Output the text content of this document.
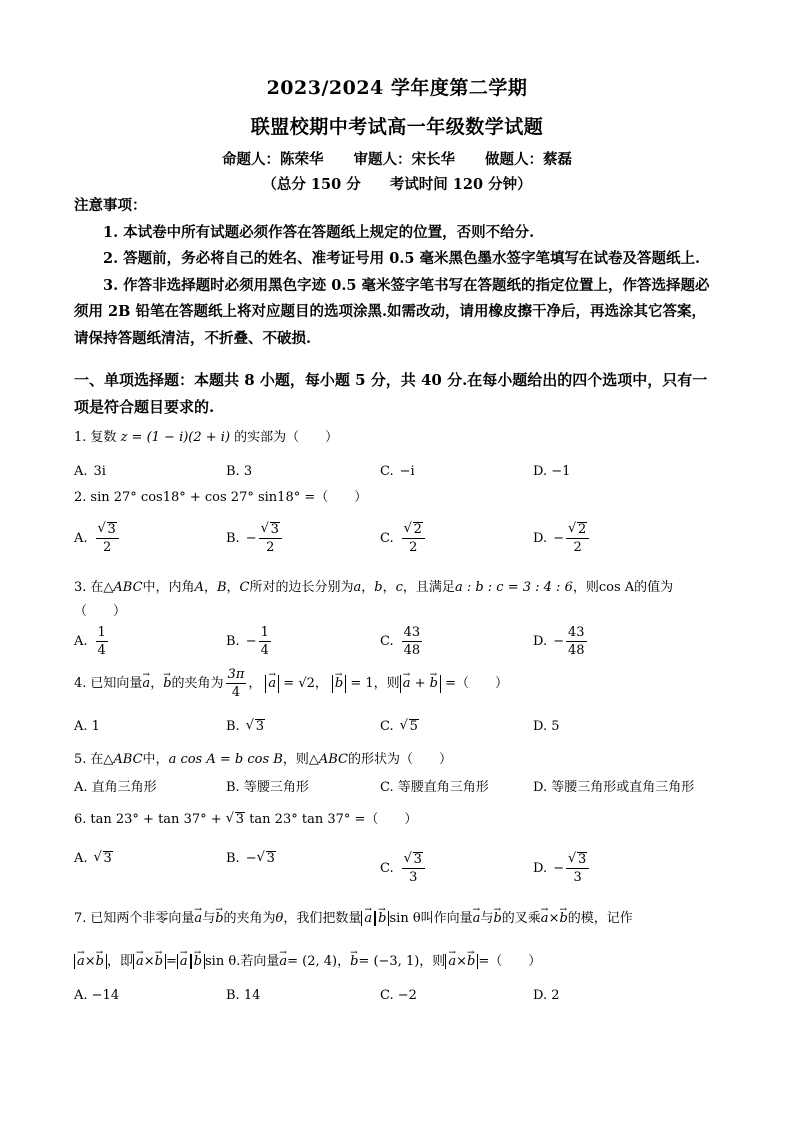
2023/2024 学年度第二学期
联盟校期中考试高一年级数学试题
命题人：陈荣华 审题人：宋长华 做题人：蔡磊
（总分 150 分　　考试时间 120 分钟）

注意事项：

1. 本试卷中所有试题必须作答在答题纸上规定的位置，否则不给分.

2. 答题前，务必将自己的姓名、准考证号用 0.5 毫米黑色墨水签字笔填写在试卷及答题纸上.

3. 作答非选择题时必须用黑色字迹 0.5 毫米签字笔书写在答题纸的指定位置上，作答选择题必须用 2B 铅笔在答题纸上将对应题目的选项涂黑.如需改动，请用橡皮擦干净后，再选涂其它答案，请保持答题纸清洁，不折叠、不破损.

一、单项选择题：本题共 8 小题，每小题 5 分，共 40 分.在每小题给出的四个选项中，只有一项是符合题目要求的.
1. 复数 z = (1 − i)(2 + i) 的实部为（　　）
A. 3i	B. 3	C. −i	D. −1
2. sin 27° cos18° + cos 27° sin18° =（　　）
A. √ $\frac{3}{2}$	B. − √ $\frac{3}{2}$	C. √ $\frac{2}{2}$	D. − √ $\frac{2}{2}$
3. 在△ABC中，内角A，B，C所对的边长分别为a，b，c，且满足a : b : c = 3 : 4 : 6，则cos A的值为
（　　）
A. $\frac{1}{4}$	B. − $\frac{1}{4}$	C. $\frac{43}{48}$	D. − $\frac{43}{48}$
4. 已知向量 a → ， b → 的夹角为 $\frac{3\pi}{4}$ ， a →
= √2 ， b →
= 1 ，则 a → + b →
=（　　）
A. 1	B.	√ 3	C.	√ 5	D. 5
5. 在△ABC中，a cos A = b cos B，则△ABC的形状为（　　）
A. 直角三角形	B. 等腰三角形	C. 等腰直角三角形	D. 等腰三角形或直角三角形
6. tan 23° + tan 37° + √ 3 tan 23° tan 37° =（　　）
A.	√ 3	B. − √ 3
C. √ $\frac{3}{3}$	D. − √ $\frac{3}{3}$
7. 已知两个非零向量a →与b →的夹角为θ，我们把数量 a → b → sin θ叫作向量a →与b →的叉乘a →×b →的模，记作
a →×b → ，即 a →×b → = a → b → sin θ.若向量a →= (2, 4)，b →= (−3, 1)，则 a →×b → =（　　）
A. −14	B. 14	C. −2	D. 2
